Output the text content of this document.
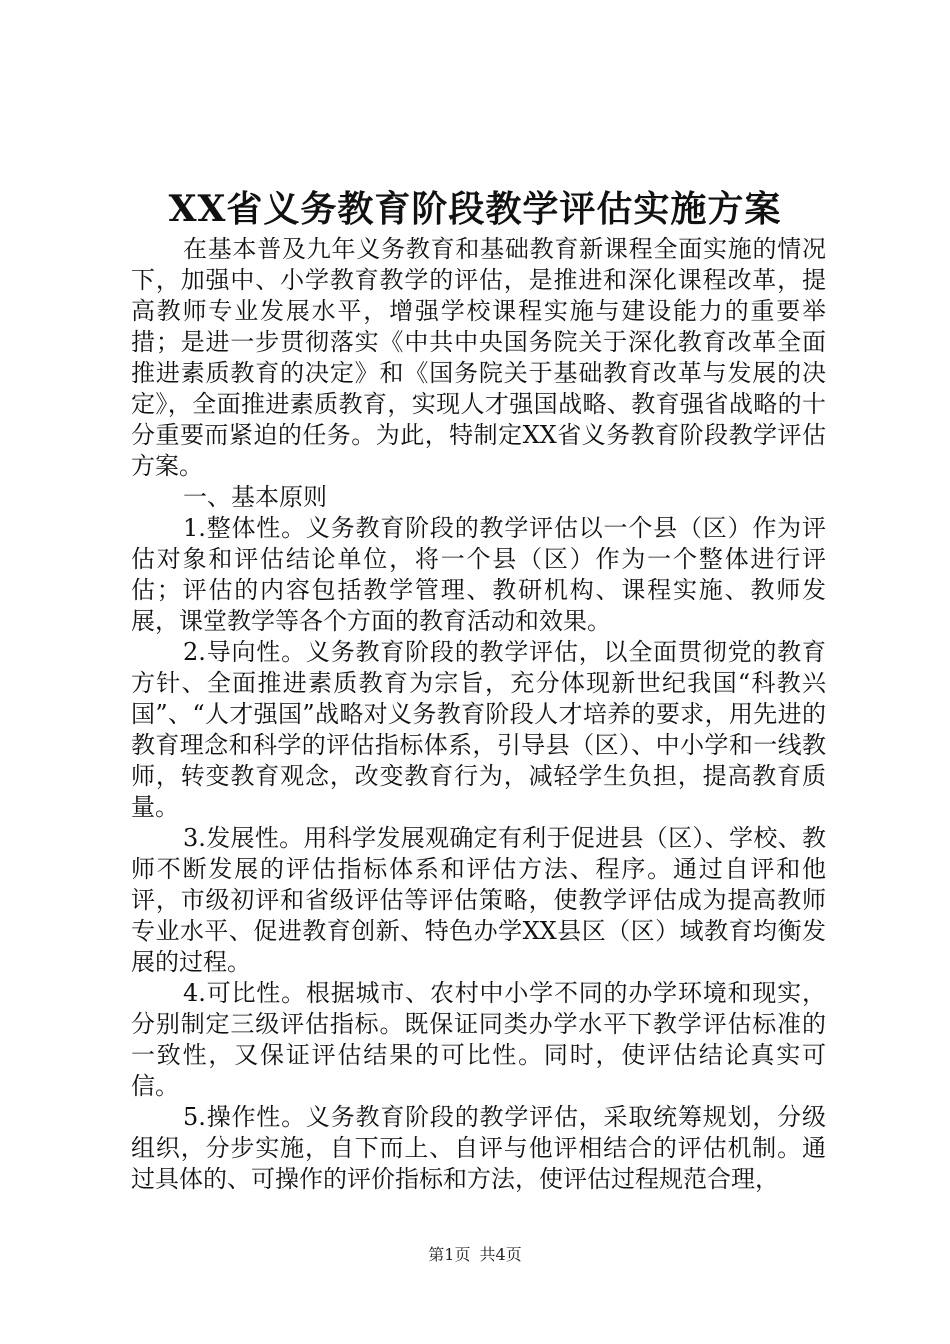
XX省义务教育阶段教学评估实施方案

在基本普及九年义务教育和基础教育新课程全面实施的情况下，加强中、小学教育教学的评估，是推进和深化课程改革，提高教师专业发展水平，增强学校课程实施与建设能力的重要举措；是进一步贯彻落实《中共中央国务院关于深化教育改革全面推进素质教育的决定》和《国务院关于基础教育改革与发展的决定》，全面推进素质教育，实现人才强国战略、教育强省战略的十分重要而紧迫的任务。为此，特制定XX省义务教育阶段教学评估方案。

一、基本原则

1.整体性。义务教育阶段的教学评估以一个县（区）作为评估对象和评估结论单位，将一个县（区）作为一个整体进行评估；评估的内容包括教学管理、教研机构、课程实施、教师发展，课堂教学等各个方面的教育活动和效果。

2.导向性。义务教育阶段的教学评估，以全面贯彻党的教育方针、全面推进素质教育为宗旨，充分体现新世纪我国“科教兴国”、“人才强国”战略对义务教育阶段人才培养的要求，用先进的教育理念和科学的评估指标体系，引导县（区）、中小学和一线教师，转变教育观念，改变教育行为，减轻学生负担，提高教育质量。

3.发展性。用科学发展观确定有利于促进县（区）、学校、教师不断发展的评估指标体系和评估方法、程序。通过自评和他评，市级初评和省级评估等评估策略，使教学评估成为提高教师专业水平、促进教育创新、特色办学XX县区（区）域教育均衡发展的过程。

4.可比性。根据城市、农村中小学不同的办学环境和现实，分别制定三级评估指标。既保证同类办学水平下教学评估标准的一致性，又保证评估结果的可比性。同时，使评估结论真实可信。

5.操作性。义务教育阶段的教学评估，采取统筹规划，分级组织，分步实施，自下而上、自评与他评相结合的评估机制。通过具体的、可操作的评价指标和方法，使评估过程规范合理，

第1页 共4页
